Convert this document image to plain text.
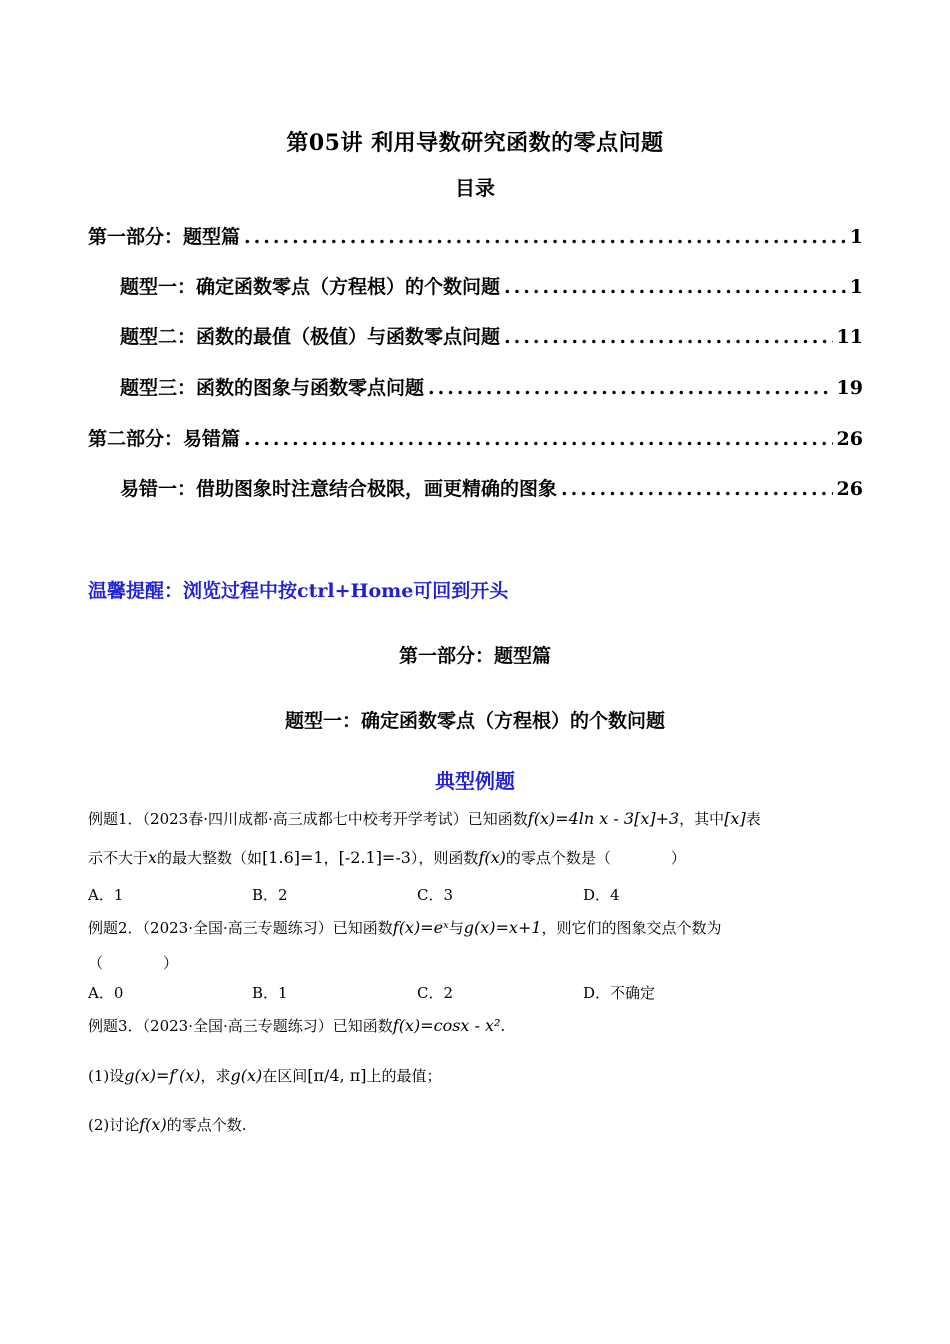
第05讲 利用导数研究函数的零点问题
目录
第一部分：题型篇 .....	1
题型一：确定函数零点（方程根）的个数问题 .....	1
题型二：函数的最值（极值）与函数零点问题 .....	11
题型三：函数的图象与函数零点问题 .....	19
第二部分：易错篇 .....	26
易错一：借助图象时注意结合极限，画更精确的图象 .....	26
温馨提醒：浏览过程中按ctrl+Home可回到开头
第一部分：题型篇
题型一：确定函数零点（方程根）的个数问题
典型例题
例题1．（2023春·四川成都·高三成都七中校考开学考试）已知函数f(x)=4ln x - 3[x]+3，其中[x]表
示不大于x的最大整数（如[1.6]=1，[-2.1]=-3），则函数f(x)的零点个数是（　　　　）
A．1	B．2	C．3	D．4
例题2．（2023·全国·高三专题练习）已知函数f(x)=eˣ与g(x)=x+1，则它们的图象交点个数为
（　　　　）
A．0	B．1	C．2	D．不确定
例题3．（2023·全国·高三专题练习）已知函数f(x)=cosx - x².
(1)设g(x)=f′(x)，求g(x)在区间[π/4, π]上的最值；
(2)讨论f(x)的零点个数.
